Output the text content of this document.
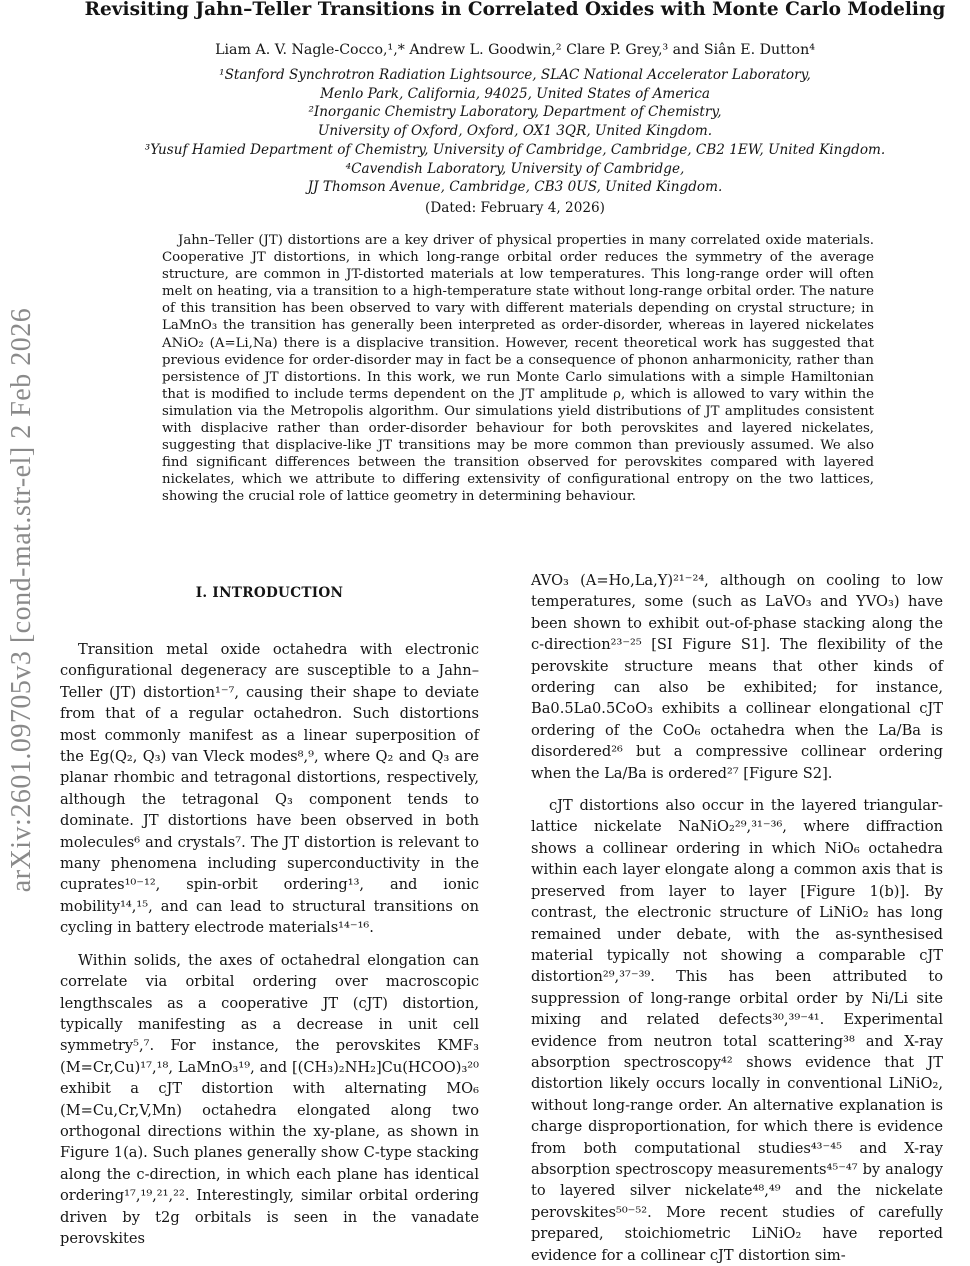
arXiv:2601.09705v3 [cond-mat.str-el] 2 Feb 2026
Revisiting Jahn–Teller Transitions in Correlated Oxides with Monte Carlo Modeling
Liam A. V. Nagle-Cocco,¹,* Andrew L. Goodwin,² Clare P. Grey,³ and Siân E. Dutton⁴
¹Stanford Synchrotron Radiation Lightsource, SLAC National Accelerator Laboratory,
Menlo Park, California, 94025, United States of America
²Inorganic Chemistry Laboratory, Department of Chemistry,
University of Oxford, Oxford, OX1 3QR, United Kingdom.
³Yusuf Hamied Department of Chemistry, University of Cambridge, Cambridge, CB2 1EW, United Kingdom.
⁴Cavendish Laboratory, University of Cambridge,
JJ Thomson Avenue, Cambridge, CB3 0US, United Kingdom.
(Dated: February 4, 2026)

Jahn–Teller (JT) distortions are a key driver of physical properties in many correlated oxide materials. Cooperative JT distortions, in which long-range orbital order reduces the symmetry of the average structure, are common in JT-distorted materials at low temperatures. This long-range order will often melt on heating, via a transition to a high-temperature state without long-range orbital order. The nature of this transition has been observed to vary with different materials depending on crystal structure; in LaMnO₃ the transition has generally been interpreted as order-disorder, whereas in layered nickelates ANiO₂ (A=Li,Na) there is a displacive transition. However, recent theoretical work has suggested that previous evidence for order-disorder may in fact be a consequence of phonon anharmonicity, rather than persistence of JT distortions. In this work, we run Monte Carlo simulations with a simple Hamiltonian that is modified to include terms dependent on the JT amplitude ρ, which is allowed to vary within the simulation via the Metropolis algorithm. Our simulations yield distributions of JT amplitudes consistent with displacive rather than order-disorder behaviour for both perovskites and layered nickelates, suggesting that displacive-like JT transitions may be more common than previously assumed. We also find significant differences between the transition observed for perovskites compared with layered nickelates, which we attribute to differing extensivity of configurational entropy on the two lattices, showing the crucial role of lattice geometry in determining behaviour.

I. INTRODUCTION

Transition metal oxide octahedra with electronic configurational degeneracy are susceptible to a Jahn–Teller (JT) distortion¹⁻⁷, causing their shape to deviate from that of a regular octahedron. Such distortions most commonly manifest as a linear superposition of the Eg(Q₂, Q₃) van Vleck modes⁸,⁹, where Q₂ and Q₃ are planar rhombic and tetragonal distortions, respectively, although the tetragonal Q₃ component tends to dominate. JT distortions have been observed in both molecules⁶ and crystals⁷. The JT distortion is relevant to many phenomena including superconductivity in the cuprates¹⁰⁻¹², spin-orbit ordering¹³, and ionic mobility¹⁴,¹⁵, and can lead to structural transitions on cycling in battery electrode materials¹⁴⁻¹⁶.

Within solids, the axes of octahedral elongation can correlate via orbital ordering over macroscopic lengthscales as a cooperative JT (cJT) distortion, typically manifesting as a decrease in unit cell symmetry⁵,⁷. For instance, the perovskites KMF₃ (M=Cr,Cu)¹⁷,¹⁸, LaMnO₃¹⁹, and [(CH₃)₂NH₂]Cu(HCOO)₃²⁰ exhibit a cJT distortion with alternating MO₆ (M=Cu,Cr,V,Mn) octahedra elongated along two orthogonal directions within the xy-plane, as shown in Figure 1(a). Such planes generally show C-type stacking along the c-direction, in which each plane has identical ordering¹⁷,¹⁹,²¹,²². Interestingly, similar orbital ordering driven by t2g orbitals is seen in the vanadate perovskites

AVO₃ (A=Ho,La,Y)²¹⁻²⁴, although on cooling to low temperatures, some (such as LaVO₃ and YVO₃) have been shown to exhibit out-of-phase stacking along the c-direction²³⁻²⁵ [SI Figure S1]. The flexibility of the perovskite structure means that other kinds of ordering can also be exhibited; for instance, Ba0.5La0.5CoO₃ exhibits a collinear elongational cJT ordering of the CoO₆ octahedra when the La/Ba is disordered²⁶ but a compressive collinear ordering when the La/Ba is ordered²⁷ [Figure S2].

cJT distortions also occur in the layered triangular-lattice nickelate NaNiO₂²⁹,³¹⁻³⁶, where diffraction shows a collinear ordering in which NiO₆ octahedra within each layer elongate along a common axis that is preserved from layer to layer [Figure 1(b)]. By contrast, the electronic structure of LiNiO₂ has long remained under debate, with the as-synthesised material typically not showing a comparable cJT distortion²⁹,³⁷⁻³⁹. This has been attributed to suppression of long-range orbital order by Ni/Li site mixing and related defects³⁰,³⁹⁻⁴¹. Experimental evidence from neutron total scattering³⁸ and X-ray absorption spectroscopy⁴² shows evidence that JT distortion likely occurs locally in conventional LiNiO₂, without long-range order. An alternative explanation is charge disproportionation, for which there is evidence from both computational studies⁴³⁻⁴⁵ and X-ray absorption spectroscopy measurements⁴⁵⁻⁴⁷ by analogy to layered silver nickelate⁴⁸,⁴⁹ and the nickelate perovskites⁵⁰⁻⁵². More recent studies of carefully prepared, stoichiometric LiNiO₂ have reported evidence for a collinear cJT distortion sim-
